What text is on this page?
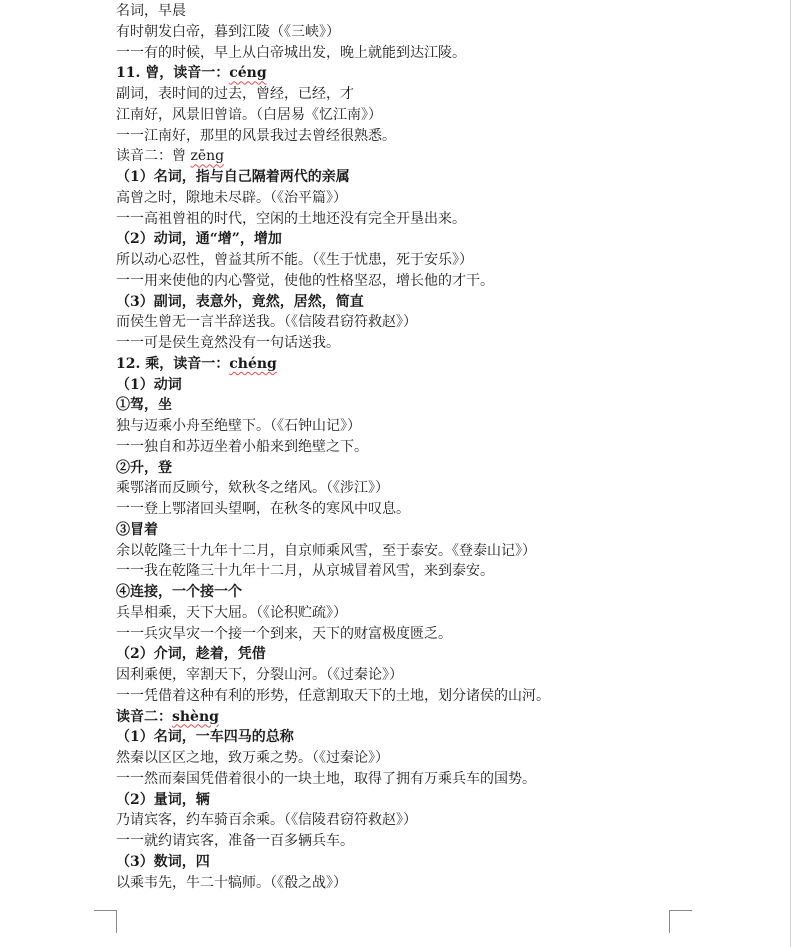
名词，早晨
有时朝发白帝，暮到江陵（《三峡》）
一一有的时候，早上从白帝城出发，晚上就能到达江陵。
11. 曾，读音一：céng
副词，表时间的过去，曾经，已经，才
江南好，风景旧曾谙。（白居易《忆江南》）
一一江南好，那里的风景我过去曾经很熟悉。
读音二：曾 zēng
（1）名词，指与自己隔着两代的亲属
高曾之时，隙地未尽辟。（《治平篇》）
一一高祖曾祖的时代，空闲的土地还没有完全开垦出来。
（2）动词，通“增”，增加
所以动心忍性，曾益其所不能。（《生于忧患，死于安乐》）
一一用来使他的内心警觉，使他的性格坚忍，增长他的才干。
（3）副词，表意外，竟然，居然，简直
而侯生曾无一言半辞送我。（《信陵君窃符救赵》）
一一可是侯生竟然没有一句话送我。
12. 乘，读音一：chéng
（1）动词
①驾，坐
独与迈乘小舟至绝壁下。（《石钟山记》）
一一独自和苏迈坐着小船来到绝壁之下。
②升，登
乘鄂渚而反顾兮，欸秋冬之绪风。（《涉江》）
一一登上鄂渚回头望啊，在秋冬的寒风中叹息。
③冒着
余以乾隆三十九年十二月，自京师乘风雪，至于泰安。《登泰山记》）
一一我在乾隆三十九年十二月，从京城冒着风雪，来到泰安。
④连接，一个接一个
兵旱相乘，天下大屈。（《论积贮疏》）
一一兵灾旱灾一个接一个到来，天下的财富极度匮乏。
（2）介词，趁着，凭借
因利乘便，宰割天下，分裂山河。（《过秦论》）
一一凭借着这种有利的形势，任意割取天下的土地，划分诸侯的山河。
读音二：shèng
（1）名词，一车四马的总称
然秦以区区之地，致万乘之势。（《过秦论》）
一一然而秦国凭借着很小的一块土地，取得了拥有万乘兵车的国势。
（2）量词，辆
乃请宾客，约车骑百余乘。（《信陵君窃符救赵》）
一一就约请宾客，准备一百多辆兵车。
（3）数词，四
以乘韦先，牛二十犒师。（《殽之战》）
